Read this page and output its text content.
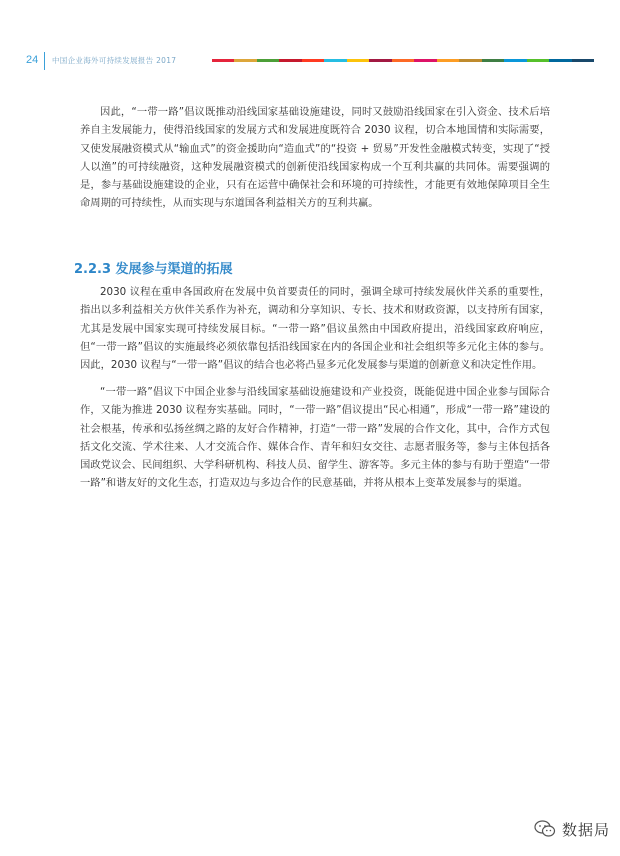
24 中国企业海外可持续发展报告 2017

因此，“一带一路”倡议既推动沿线国家基础设施建设，同时又鼓励沿线国家在引入资金、技术后培养自主发展能力，使得沿线国家的发展方式和发展进度既符合 2030 议程，切合本地国情和实际需要，又使发展融资模式从“输血式”的资金援助向“造血式”的“投资 + 贸易”开发性金融模式转变，实现了“授人以渔”的可持续融资，这种发展融资模式的创新使沿线国家构成一个互利共赢的共同体。需要强调的是，参与基础设施建设的企业，只有在运营中确保社会和环境的可持续性，才能更有效地保障项目全生命周期的可持续性，从而实现与东道国各利益相关方的互利共赢。

2.2.3 发展参与渠道的拓展

2030 议程在重申各国政府在发展中负首要责任的同时，强调全球可持续发展伙伴关系的重要性，指出以多利益相关方伙伴关系作为补充，调动和分享知识、专长、技术和财政资源，以支持所有国家，尤其是发展中国家实现可持续发展目标。“一带一路”倡议虽然由中国政府提出，沿线国家政府响应，但“一带一路”倡议的实施最终必须依靠包括沿线国家在内的各国企业和社会组织等多元化主体的参与。因此，2030 议程与“一带一路”倡议的结合也必将凸显多元化发展参与渠道的创新意义和决定性作用。

“一带一路”倡议下中国企业参与沿线国家基础设施建设和产业投资，既能促进中国企业参与国际合作，又能为推进 2030 议程夯实基础。同时，“一带一路”倡议提出“民心相通”，形成“一带一路”建设的社会根基，传承和弘扬丝绸之路的友好合作精神，打造“一带一路”发展的合作文化，其中，合作方式包括文化交流、学术往来、人才交流合作、媒体合作、青年和妇女交往、志愿者服务等，参与主体包括各国政党议会、民间组织、大学科研机构、科技人员、留学生、游客等。多元主体的参与有助于塑造“一带一路”和谐友好的文化生态，打造双边与多边合作的民意基础，并将从根本上变革发展参与的渠道。

数据局
